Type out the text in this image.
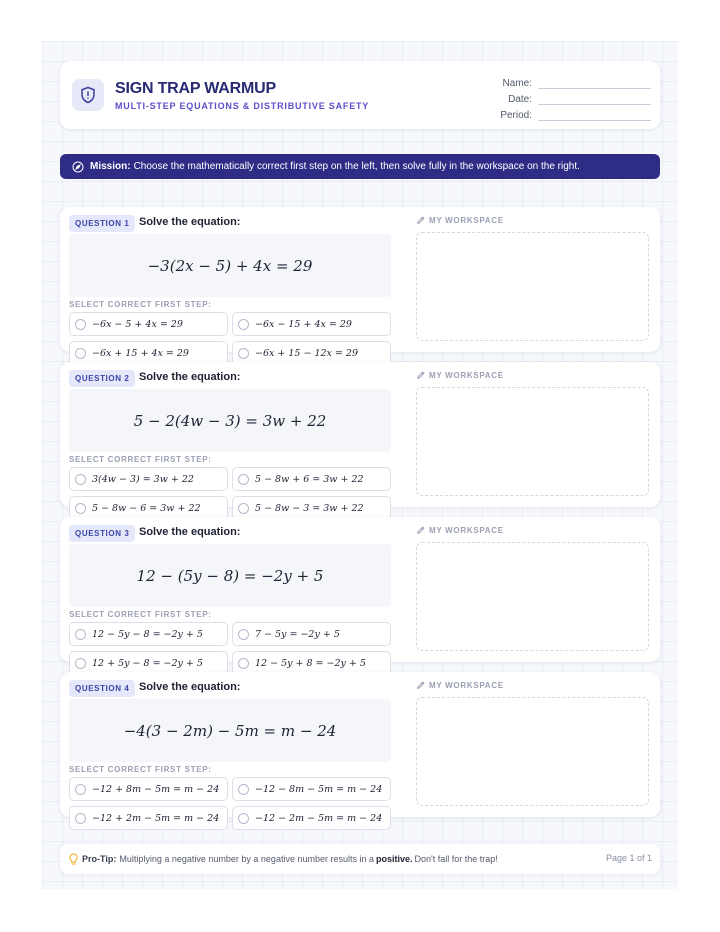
SIGN TRAP WARMUP
MULTI-STEP EQUATIONS & DISTRIBUTIVE SAFETY
Name:
Date:
Period:
Mission: Choose the mathematically correct first step on the left, then solve fully in the workspace on the right.
QUESTION 1 Solve the equation:
−3(2x − 5) + 4x = 29
SELECT CORRECT FIRST STEP:
−6x − 5 + 4x = 29	−6x − 15 + 4x = 29
−6x + 15 + 4x = 29	−6x + 15 − 12x = 29
MY WORKSPACE
QUESTION 2 Solve the equation:
5 − 2(4w − 3) = 3w + 22
SELECT CORRECT FIRST STEP:
3(4w − 3) = 3w + 22	5 − 8w + 6 = 3w + 22
5 − 8w − 6 = 3w + 22	5 − 8w − 3 = 3w + 22
MY WORKSPACE
QUESTION 3 Solve the equation:
12 − (5y − 8) = −2y + 5
SELECT CORRECT FIRST STEP:
12 − 5y − 8 = −2y + 5	7 − 5y = −2y + 5
12 + 5y − 8 = −2y + 5	12 − 5y + 8 = −2y + 5
MY WORKSPACE
QUESTION 4 Solve the equation:
−4(3 − 2m) − 5m = m − 24
SELECT CORRECT FIRST STEP:
−12 + 8m − 5m = m − 24	−12 − 8m − 5m = m − 24
−12 + 2m − 5m = m − 24	−12 − 2m − 5m = m − 24
MY WORKSPACE
Pro-Tip: Multiplying a negative number by a negative number results in a positive. Don't fall for the trap!	Page 1 of 1
